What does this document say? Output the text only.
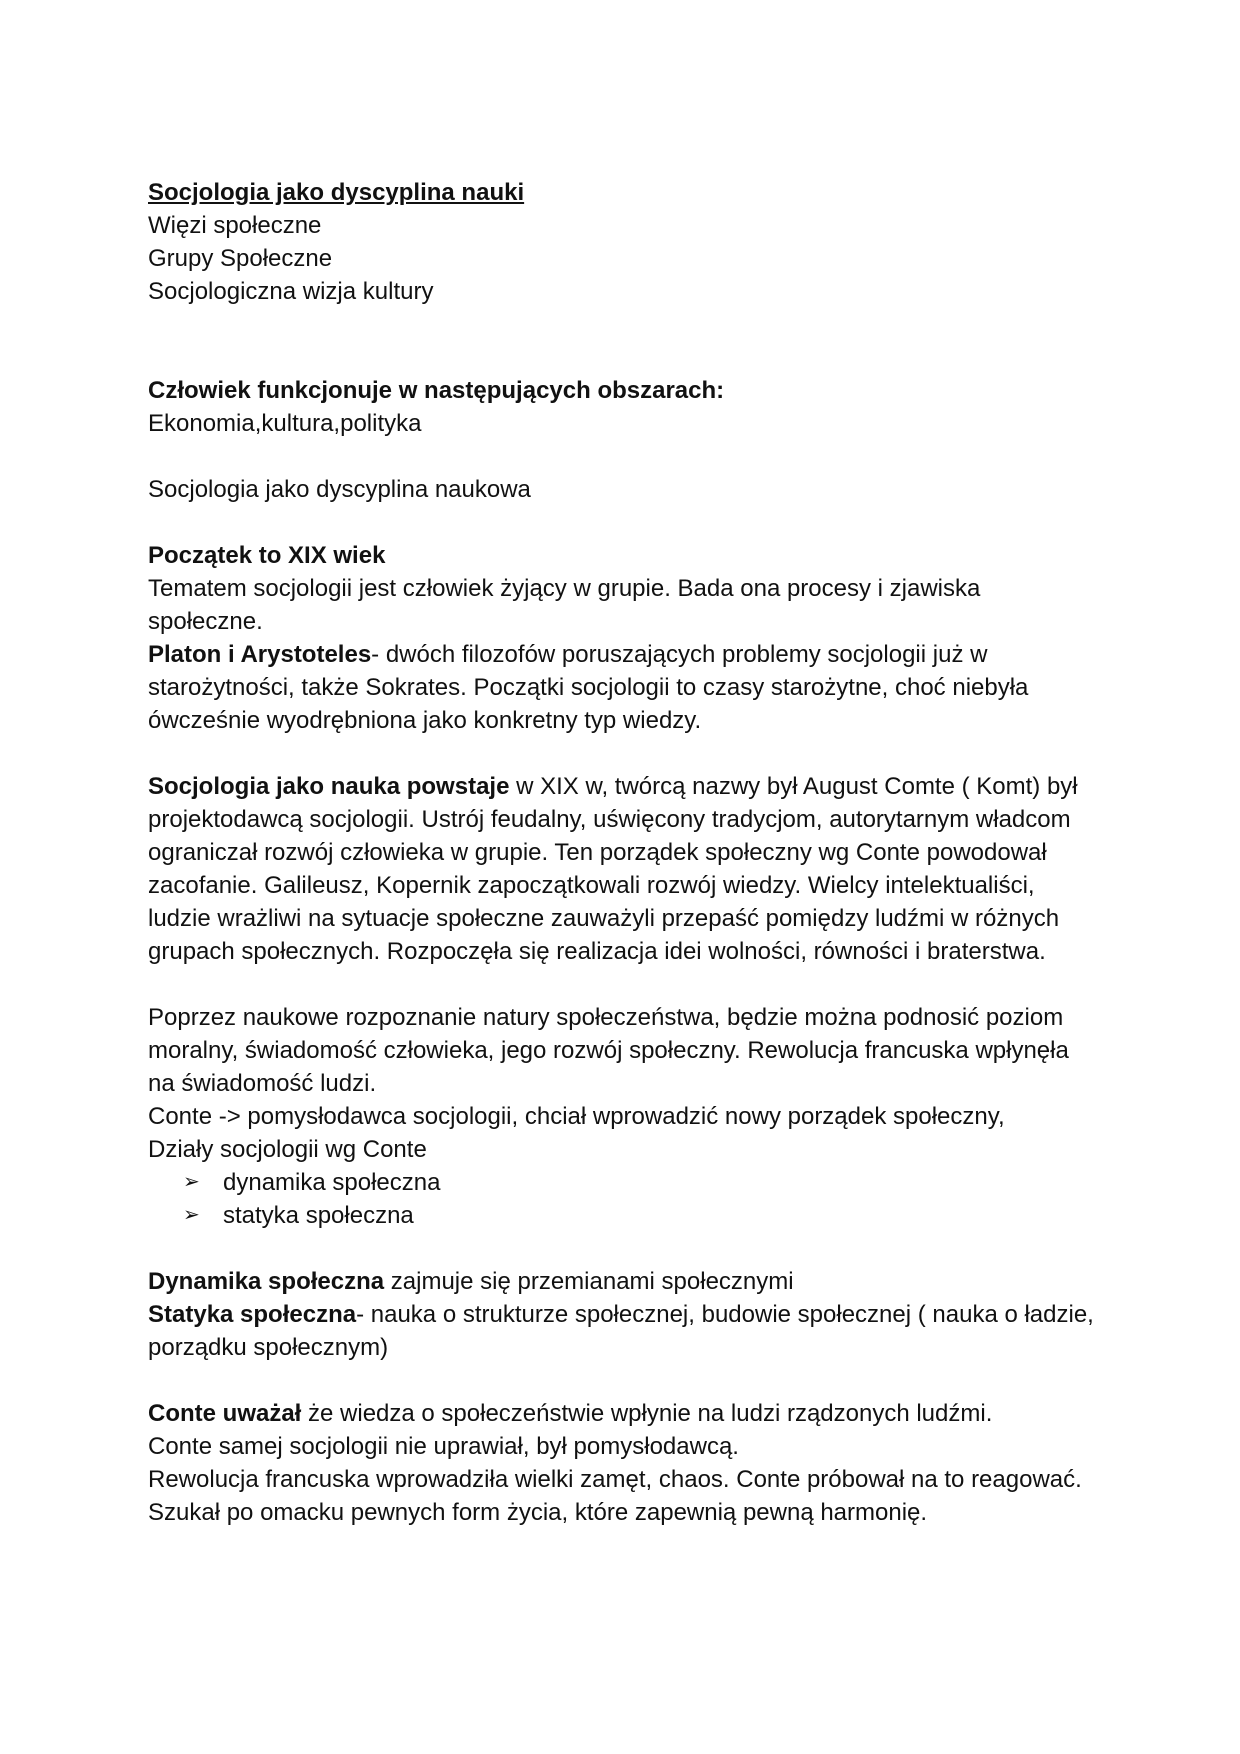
Socjologia jako dyscyplina nauki

Więzi społeczne

Grupy Społeczne

Socjologiczna wizja kultury

Człowiek funkcjonuje w następujących obszarach:

Ekonomia,kultura,polityka

Socjologia jako dyscyplina naukowa

Początek to XIX wiek

Tematem socjologii jest człowiek żyjący w grupie. Bada ona procesy i zjawiska społeczne.

Platon i Arystoteles- dwóch filozofów poruszających problemy socjologii już w starożytności, także Sokrates. Początki socjologii to czasy starożytne, choć niebyła ówcześnie wyodrębniona jako konkretny typ wiedzy.

Socjologia jako nauka powstaje w XIX w, twórcą nazwy był August Comte ( Komt) był projektodawcą socjologii. Ustrój feudalny, uświęcony tradycjom, autorytarnym władcom ograniczał rozwój człowieka w grupie. Ten porządek społeczny wg Conte powodował zacofanie. Galileusz, Kopernik zapoczątkowali rozwój wiedzy. Wielcy intelektualiści, ludzie wrażliwi na sytuacje społeczne zauważyli przepaść pomiędzy ludźmi w różnych grupach społecznych. Rozpoczęła się realizacja idei wolności, równości i braterstwa.

Poprzez naukowe rozpoznanie natury społeczeństwa, będzie można podnosić poziom moralny, świadomość człowieka, jego rozwój społeczny. Rewolucja francuska wpłynęła na świadomość ludzi.

Conte -> pomysłodawca socjologii, chciał wprowadzić nowy porządek społeczny,

Działy socjologii wg Conte

➢ dynamika społeczna
➢ statyka społeczna

Dynamika społeczna zajmuje się przemianami społecznymi

Statyka społeczna- nauka o strukturze społecznej, budowie społecznej ( nauka o ładzie, porządku społecznym)

Conte uważał że wiedza o społeczeństwie wpłynie na ludzi rządzonych ludźmi.

Conte samej socjologii nie uprawiał, był pomysłodawcą.

Rewolucja francuska wprowadziła wielki zamęt, chaos. Conte próbował na to reagować. Szukał po omacku pewnych form życia, które zapewnią pewną harmonię.
